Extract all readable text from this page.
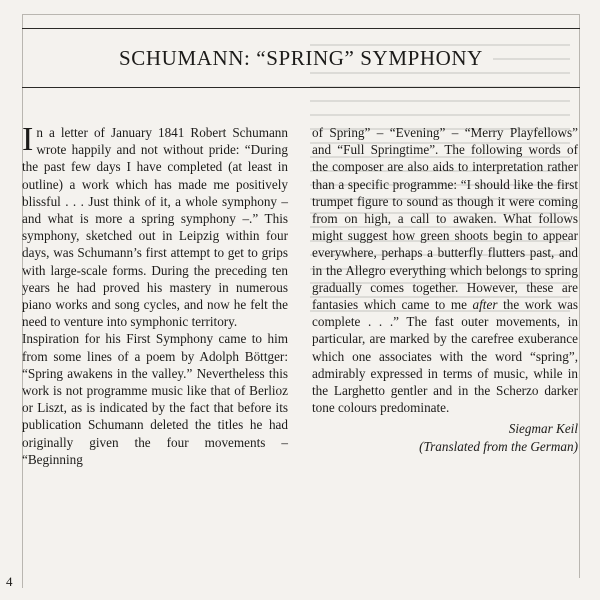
SCHUMANN: “SPRING” SYMPHONY

In a letter of January 1841 Robert Schumann wrote happily and not without pride: “During the past few days I have completed (at least in outline) a work which has made me positively blissful . . . Just think of it, a whole symphony – and what is more a spring symphony –.” This symphony, sketched out in Leipzig within four days, was Schumann’s first attempt to get to grips with large-scale forms. During the preceding ten years he had proved his mastery in numerous piano works and song cycles, and now he felt the need to venture into symphonic territory.

Inspiration for his First Symphony came to him from some lines of a poem by Adolph Böttger: “Spring awakens in the valley.” Nevertheless this work is not programme music like that of Berlioz or Liszt, as is indicated by the fact that before its publication Schumann deleted the titles he had originally given the four movements – “Beginning

of Spring” – “Evening” – “Merry Playfellows” and “Full Springtime”. The following words of the composer are also aids to interpretation rather than a specific programme: “I should like the first trumpet figure to sound as though it were coming from on high, a call to awaken. What follows might suggest how green shoots begin to appear everywhere, perhaps a butterfly flutters past, and in the Allegro everything which belongs to spring gradually comes together. However, these are fantasies which came to me after the work was complete . . .” The fast outer movements, in particular, are marked by the carefree exuberance which one associates with the word “spring”, admirably expressed in terms of music, while in the Larghetto gentler and in the Scherzo darker tone colours predominate.

Siegmar Keil
(Translated from the German)
4
